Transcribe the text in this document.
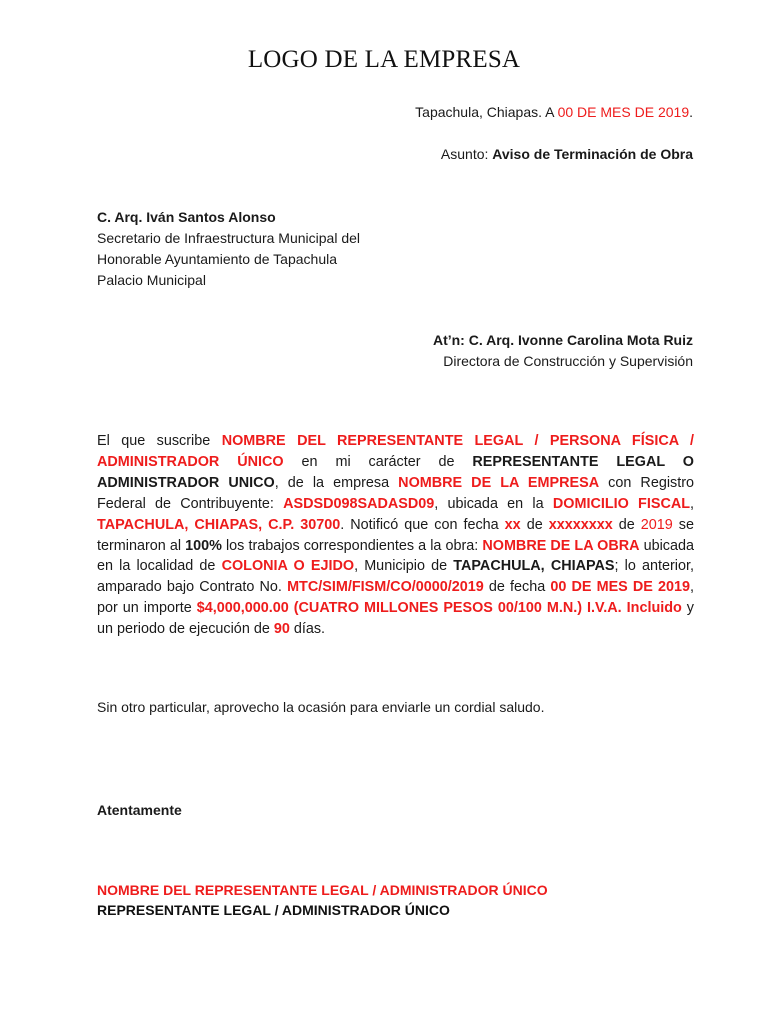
LOGO DE LA EMPRESA
Tapachula, Chiapas. A 00 DE MES DE 2019.
Asunto: Aviso de Terminación de Obra
C. Arq. Iván Santos Alonso
Secretario de Infraestructura Municipal del
Honorable Ayuntamiento de Tapachula
Palacio Municipal
At’n: C. Arq. Ivonne Carolina Mota Ruiz
Directora de Construcción y Supervisión

El que suscribe NOMBRE DEL REPRESENTANTE LEGAL / PERSONA FÍSICA / ADMINISTRADOR ÚNICO en mi carácter de REPRESENTANTE LEGAL O ADMINISTRADOR UNICO, de la empresa NOMBRE DE LA EMPRESA con Registro Federal de Contribuyente: ASDSD098SADASD09, ubicada en la DOMICILIO FISCAL, TAPACHULA, CHIAPAS, C.P. 30700. Notificó que con fecha xx de xxxxxxxx de 2019 se terminaron al 100% los trabajos correspondientes a la obra: NOMBRE DE LA OBRA ubicada en la localidad de COLONIA O EJIDO, Municipio de TAPACHULA, CHIAPAS; lo anterior, amparado bajo Contrato No. MTC/SIM/FISM/CO/0000/2019 de fecha 00 DE MES DE 2019, por un importe $4,000,000.00 (CUATRO MILLONES PESOS 00/100 M.N.) I.V.A. Incluido y un periodo de ejecución de 90 días.

Sin otro particular, aprovecho la ocasión para enviarle un cordial saludo.
Atentamente
NOMBRE DEL REPRESENTANTE LEGAL / ADMINISTRADOR ÚNICO
REPRESENTANTE LEGAL / ADMINISTRADOR ÚNICO
